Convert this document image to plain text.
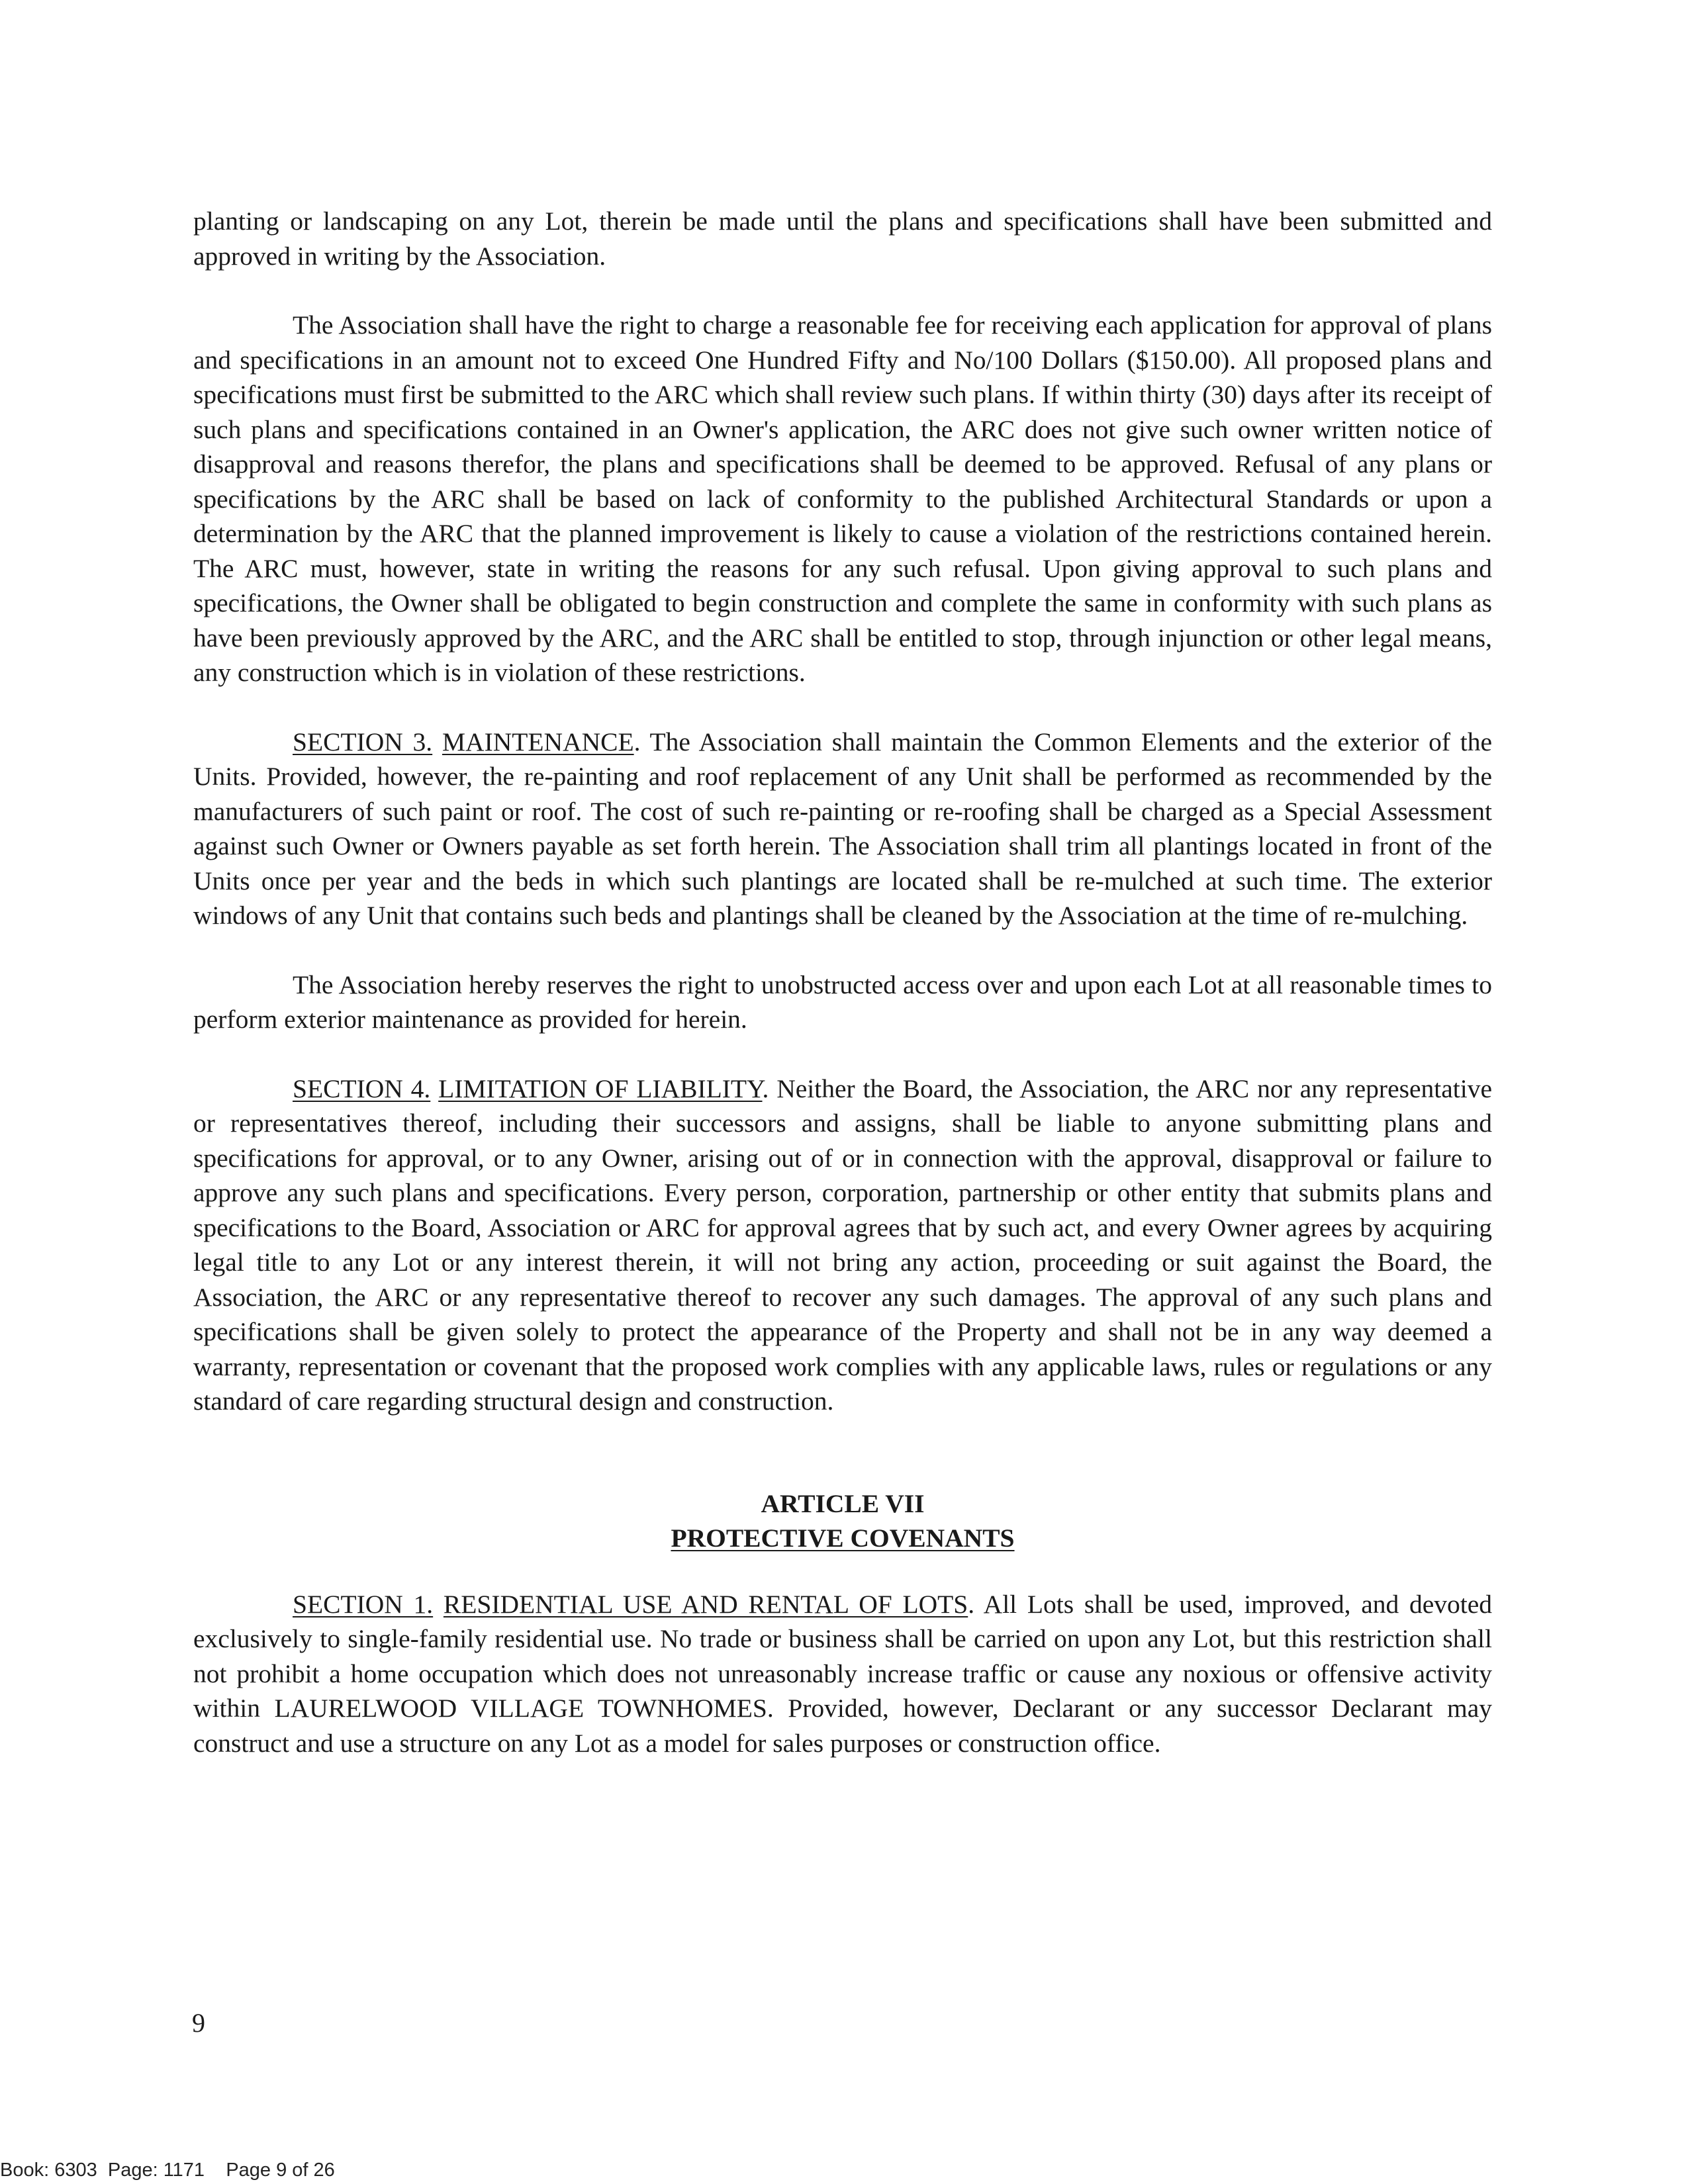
planting or landscaping on any Lot, therein be made until the plans and specifications shall have been submitted and approved in writing by the Association.

The Association shall have the right to charge a reasonable fee for receiving each application for approval of plans and specifications in an amount not to exceed One Hundred Fifty and No/100 Dollars ($150.00). All proposed plans and specifications must first be submitted to the ARC which shall review such plans. If within thirty (30) days after its receipt of such plans and specifications contained in an Owner's application, the ARC does not give such owner written notice of disapproval and reasons therefor, the plans and specifications shall be deemed to be approved. Refusal of any plans or specifications by the ARC shall be based on lack of conformity to the published Architectural Standards or upon a determination by the ARC that the planned improvement is likely to cause a violation of the restrictions contained herein. The ARC must, however, state in writing the reasons for any such refusal. Upon giving approval to such plans and specifications, the Owner shall be obligated to begin construction and complete the same in conformity with such plans as have been previously approved by the ARC, and the ARC shall be entitled to stop, through injunction or other legal means, any construction which is in violation of these restrictions.

SECTION 3. MAINTENANCE. The Association shall maintain the Common Elements and the exterior of the Units. Provided, however, the re-painting and roof replacement of any Unit shall be performed as recommended by the manufacturers of such paint or roof. The cost of such re-painting or re-roofing shall be charged as a Special Assessment against such Owner or Owners payable as set forth herein. The Association shall trim all plantings located in front of the Units once per year and the beds in which such plantings are located shall be re-mulched at such time. The exterior windows of any Unit that contains such beds and plantings shall be cleaned by the Association at the time of re-mulching.

The Association hereby reserves the right to unobstructed access over and upon each Lot at all reasonable times to perform exterior maintenance as provided for herein.

SECTION 4. LIMITATION OF LIABILITY. Neither the Board, the Association, the ARC nor any representative or representatives thereof, including their successors and assigns, shall be liable to anyone submitting plans and specifications for approval, or to any Owner, arising out of or in connection with the approval, disapproval or failure to approve any such plans and specifications. Every person, corporation, partnership or other entity that submits plans and specifications to the Board, Association or ARC for approval agrees that by such act, and every Owner agrees by acquiring legal title to any Lot or any interest therein, it will not bring any action, proceeding or suit against the Board, the Association, the ARC or any representative thereof to recover any such damages. The approval of any such plans and specifications shall be given solely to protect the appearance of the Property and shall not be in any way deemed a warranty, representation or covenant that the proposed work complies with any applicable laws, rules or regulations or any standard of care regarding structural design and construction.

ARTICLE VII
PROTECTIVE COVENANTS

SECTION 1. RESIDENTIAL USE AND RENTAL OF LOTS. All Lots shall be used, improved, and devoted exclusively to single-family residential use. No trade or business shall be carried on upon any Lot, but this restriction shall not prohibit a home occupation which does not unreasonably increase traffic or cause any noxious or offensive activity within LAURELWOOD VILLAGE TOWNHOMES. Provided, however, Declarant or any successor Declarant may construct and use a structure on any Lot as a model for sales purposes or construction office.

9
Book: 6303 Page: 1171 Page 9 of 26
